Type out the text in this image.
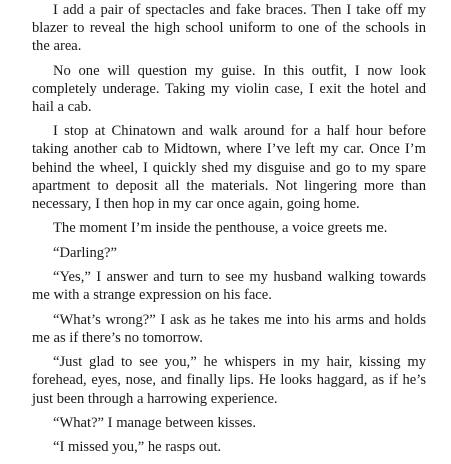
I add a pair of spectacles and fake braces. Then I take off my blazer to reveal the high school uniform to one of the schools in the area.

No one will question my guise. In this outfit, I now look completely underage. Taking my violin case, I exit the hotel and hail a cab.

I stop at Chinatown and walk around for a half hour before taking another cab to Midtown, where I’ve left my car. Once I’m behind the wheel, I quickly shed my disguise and go to my spare apartment to deposit all the materials. Not lingering more than necessary, I then hop in my car once again, going home.

The moment I’m inside the penthouse, a voice greets me.

“Darling?”

“Yes,” I answer and turn to see my husband walking towards me with a strange expression on his face.

“What’s wrong?” I ask as he takes me into his arms and holds me as if there’s no tomorrow.

“Just glad to see you,” he whispers in my hair, kissing my forehead, eyes, nose, and finally lips. He looks haggard, as if he’s just been through a harrowing experience.

“What?” I manage between kisses.

“I missed you,” he rasps out.
